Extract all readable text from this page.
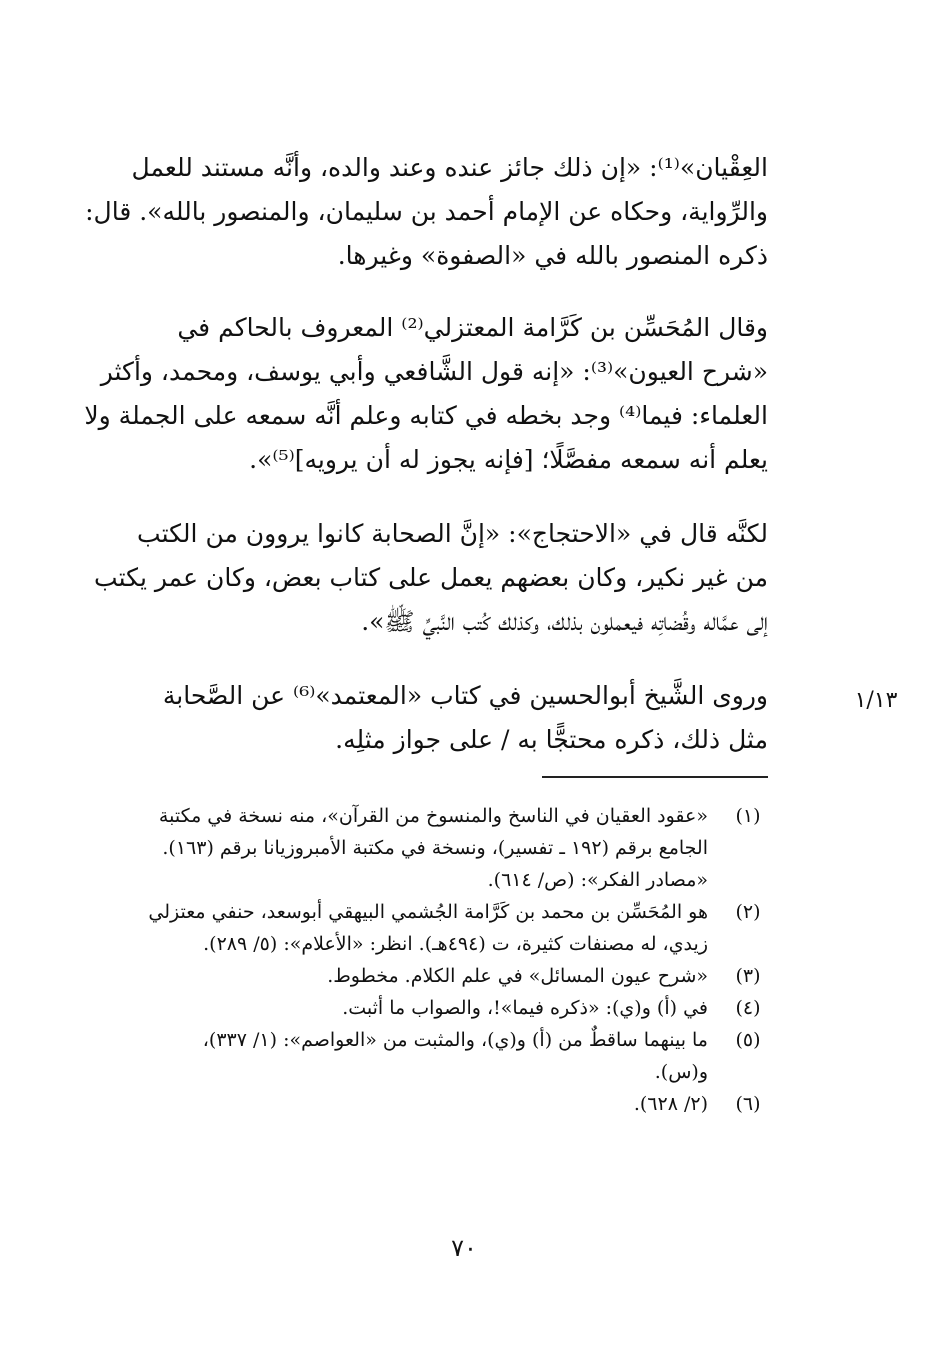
العِقْيان»⁽¹⁾: «إن ذلك جائز عنده وعند والده، وأنَّه مستند للعمل
والرِّواية، وحكاه عن الإمام أحمد بن سليمان، والمنصور بالله». قال:
ذكره المنصور بالله في «الصفوة» وغيرها.
وقال المُحَسِّن بن كَرَّامة المعتزلي⁽²⁾ المعروف بالحاكم في
«شرح العيون»⁽³⁾: «إنه قول الشَّافعي وأبي يوسف، ومحمد، وأكثر
العلماء: فيما⁽⁴⁾ وجد بخطه في كتابه وعلم أنَّه سمعه على الجملة ولا
يعلم أنه سمعه مفصَّلًا؛ [فإنه يجوز له أن يرويه]⁽⁵⁾».
لكنَّه قال في «الاحتجاج»: «إنَّ الصحابة كانوا يروون من الكتب
من غير نكير، وكان بعضهم يعمل على كتاب بعض، وكان عمر يكتب
إلى عمَّاله وقُضاتِه فيعملون بذلك، وكذلك كُتب النَّبيِّ ﷺ».
وروى الشَّيخ أبوالحسين في كتاب «المعتمد»⁽⁶⁾ عن الصَّحابة
مثل ذلك، ذكره محتجًّا به / على جواز مثلِه.
١/١٣
(١)
«عقود العقيان في الناسخ والمنسوخ من القرآن»، منه نسخة في مكتبة
الجامع برقم (١٩٢ ـ تفسير)، ونسخة في مكتبة الأمبروزيانا برقم (١٦٣).
«مصادر الفكر»: (ص/ ٦١٤).
(٢)
هو المُحَسِّن بن محمد بن كَرَّامة الجُشمي البيهقي أبوسعد، حنفي معتزلي
زيدي، له مصنفات كثيرة، ت (٤٩٤هـ). انظر: «الأعلام»: (٥/ ٢٨٩).
(٣)
«شرح عيون المسائل» في علم الكلام. مخطوط.
(٤)
في (أ) و(ي): «ذكره فيما»!، والصواب ما أثبت.
(٥)
ما بينهما ساقطٌ من (أ) و(ي)، والمثبت من «العواصم»: (١/ ٣٣٧)،
و(س).
(٦)
(٢/ ٦٢٨).
٧٠
